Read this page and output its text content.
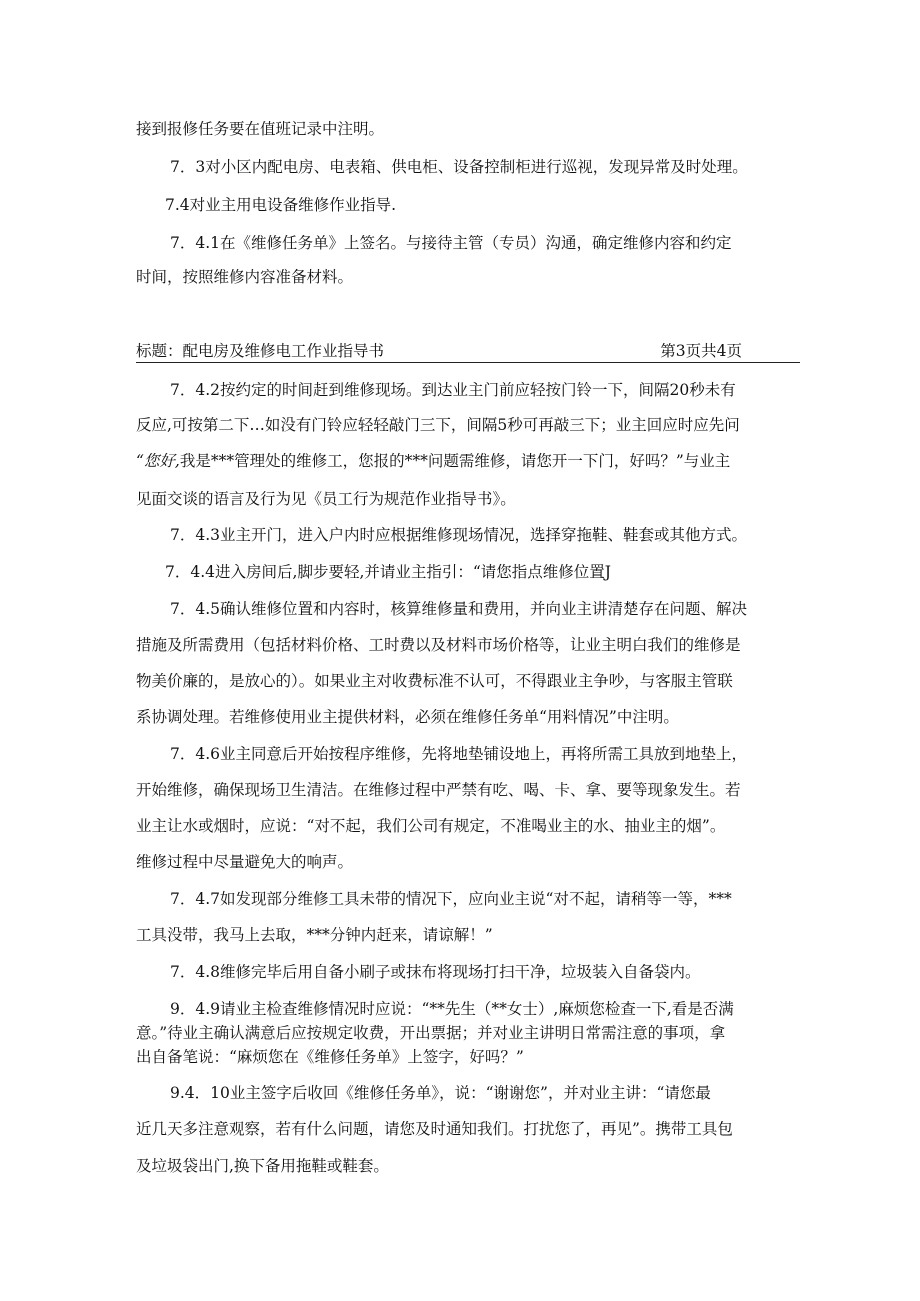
接到报修任务要在值班记录中注明。
7．3对小区内配电房、电表箱、供电柜、设备控制柜进行巡视，发现异常及时处理。
7.4对业主用电设备维修作业指导.
7．4.1在《维修任务单》上签名。与接待主管（专员）沟通，确定维修内容和约定
时间，按照维修内容准备材料。
标题：配电房及维修电工作业指导书	第3页共4页
7．4.2按约定的时间赶到维修现场。到达业主门前应轻按门铃一下，间隔20秒未有
反应,可按第二下…如没有门铃应轻轻敲门三下，间隔5秒可再敲三下；业主回应时应先问
“您好,我是***管理处的维修工，您报的***问题需维修，请您开一下门，好吗？”与业主
见面交谈的语言及行为见《员工行为规范作业指导书》。
7．4.3业主开门，进入户内时应根据维修现场情况，选择穿拖鞋、鞋套或其他方式。
7．4.4进入房间后,脚步要轻,并请业主指引：“请您指点维修位置J
7．4.5确认维修位置和内容时，核算维修量和费用，并向业主讲清楚存在问题、解决
措施及所需费用（包括材料价格、工时费以及材料市场价格等，让业主明白我们的维修是
物美价廉的，是放心的）。如果业主对收费标准不认可，不得跟业主争吵，与客服主管联
系协调处理。若维修使用业主提供材料，必须在维修任务单“用料情况”中注明。
7．4.6业主同意后开始按程序维修，先将地垫铺设地上，再将所需工具放到地垫上，
开始维修，确保现场卫生清洁。在维修过程中严禁有吃、喝、卡、拿、要等现象发生。若
业主让水或烟时，应说：“对不起，我们公司有规定，不准喝业主的水、抽业主的烟”。
维修过程中尽量避免大的响声。
7．4.7如发现部分维修工具未带的情况下，应向业主说“对不起，请稍等一等，***
工具没带，我马上去取，***分钟内赶来，请谅解！”
7．4.8维修完毕后用自备小刷子或抹布将现场打扫干净，垃圾装入自备袋内。
9．4.9请业主检查维修情况时应说：“**先生（**女士）,麻烦您检查一下,看是否满
意。”待业主确认满意后应按规定收费，开出票据；并对业主讲明日常需注意的事项，拿
出自备笔说：“麻烦您在《维修任务单》上签字，好吗？”
9.4．10业主签字后收回《维修任务单》，说：“谢谢您”，并对业主讲：“请您最
近几天多注意观察，若有什么问题，请您及时通知我们。打扰您了，再见”。携带工具包
及垃圾袋出门,换下备用拖鞋或鞋套。
